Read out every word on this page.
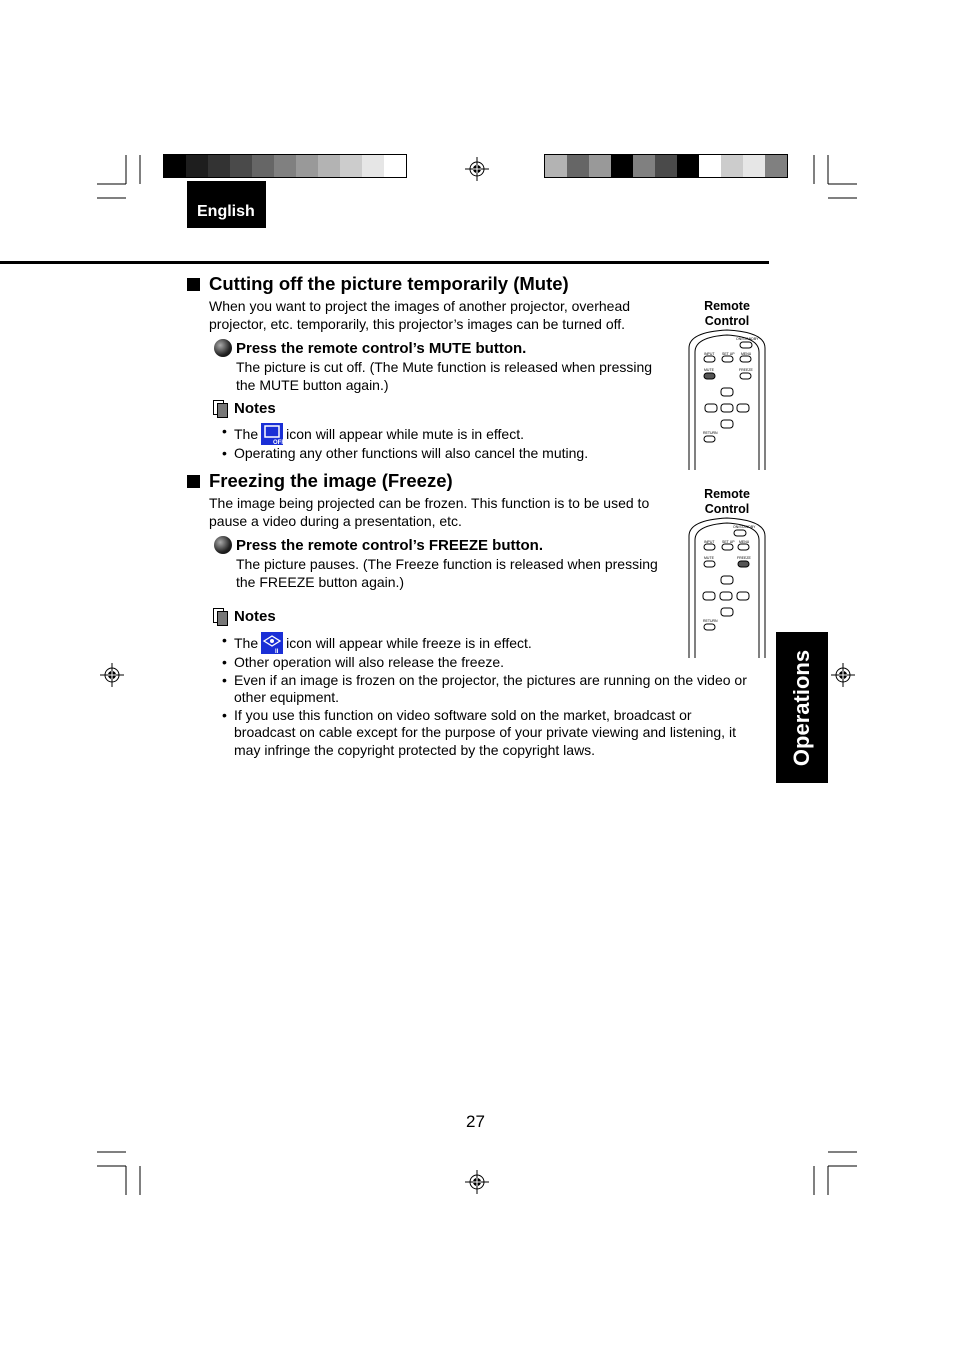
English
Cutting off the picture temporarily (Mute)
When you want to project the images of another projector, overhead
projector, etc. temporarily, this projector’s images can be turned off.
Press the remote control’s MUTE button.
The picture is cut off. (The Mute function is released when pressing
the MUTE button again.)
Notes
• The
OFF
icon will appear while mute is in effect.
• Operating any other functions will also cancel the muting.
Remote
Control
ON/STANDBY
INPUT SET UP MENU
MUTE	FREEZE
RETURN
Freezing the image (Freeze)
The image being projected can be frozen. This function is to be used to
pause a video during a presentation, etc.
Press the remote control’s FREEZE button.
The picture pauses. (The Freeze function is released when pressing
the FREEZE button again.)
Notes
• The
II
icon will appear while freeze is in effect.
• Other operation will also release the freeze.
• Even if an image is frozen on the projector, the pictures are running on the video or
other equipment.
• If you use this function on video software sold on the market, broadcast or
broadcast on cable except for the purpose of your private viewing and listening, it
may infringe the copyright protected by the copyright laws.
Remote
Control
ON/STANDBY
INPUT SET UP MENU
MUTE	FREEZE
RETURN
Operations
27
